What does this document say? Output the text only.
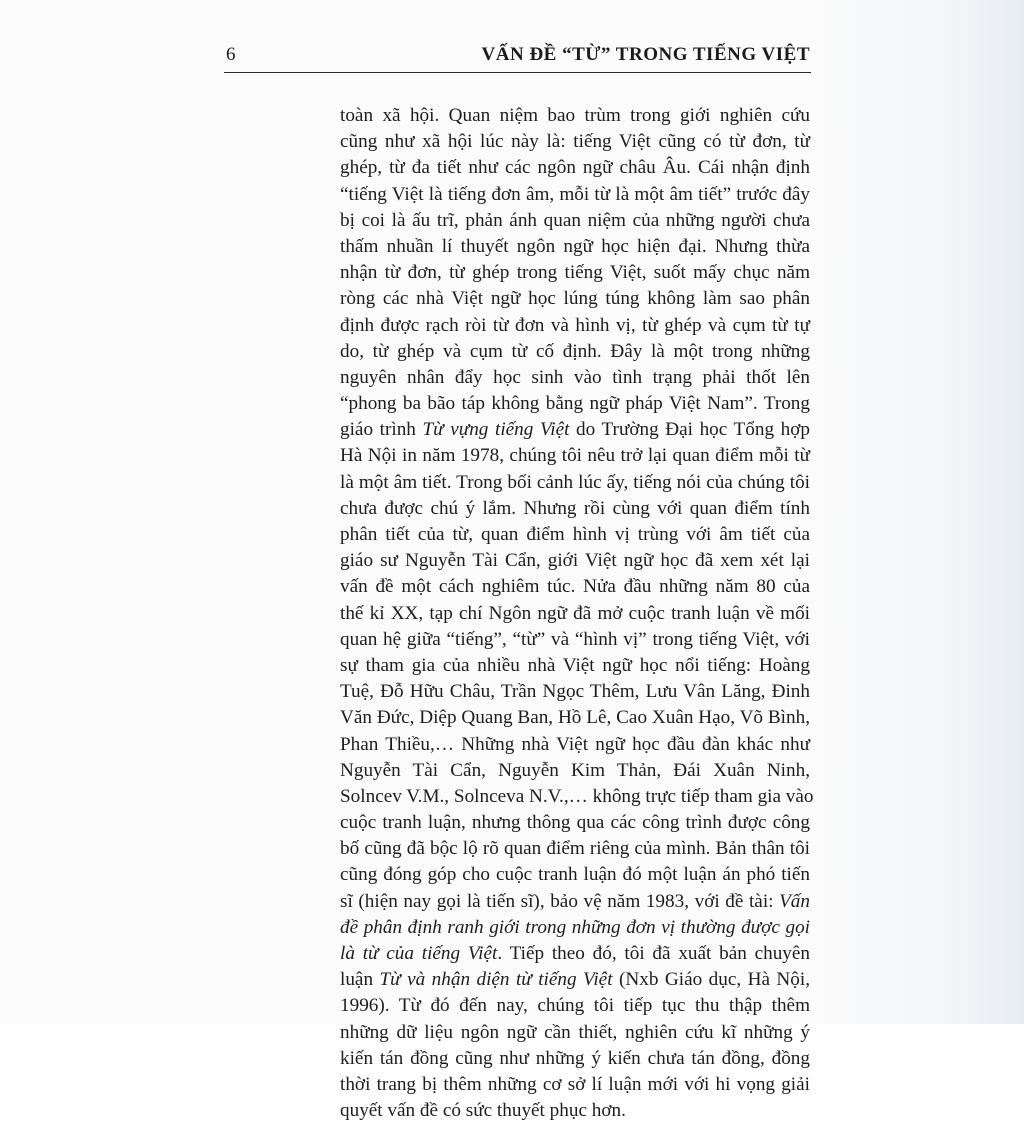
6	VẤN ĐỀ “TỪ” TRONG TIẾNG VIỆT
toàn xã hội. Quan niệm bao trùm trong giới nghiên cứu
cũng như xã hội lúc này là: tiếng Việt cũng có từ đơn, từ
ghép, từ đa tiết như các ngôn ngữ châu Âu. Cái nhận định
“tiếng Việt là tiếng đơn âm, mỗi từ là một âm tiết” trước đây
bị coi là ấu trĩ, phản ánh quan niệm của những người chưa
thấm nhuần lí thuyết ngôn ngữ học hiện đại. Nhưng thừa
nhận từ đơn, từ ghép trong tiếng Việt, suốt mấy chục năm
ròng các nhà Việt ngữ học lúng túng không làm sao phân
định được rạch ròi từ đơn và hình vị, từ ghép và cụm từ tự
do, từ ghép và cụm từ cố định. Đây là một trong những
nguyên nhân đẩy học sinh vào tình trạng phải thốt lên
“phong ba bão táp không bằng ngữ pháp Việt Nam”. Trong
giáo trình Từ vựng tiếng Việt do Trường Đại học Tổng hợp
Hà Nội in năm 1978, chúng tôi nêu trở lại quan điểm mỗi từ
là một âm tiết. Trong bối cảnh lúc ấy, tiếng nói của chúng tôi
chưa được chú ý lắm. Nhưng rồi cùng với quan điểm tính
phân tiết của từ, quan điểm hình vị trùng với âm tiết của
giáo sư Nguyễn Tài Cẩn, giới Việt ngữ học đã xem xét lại
vấn đề một cách nghiêm túc. Nửa đầu những năm 80 của
thế kỉ XX, tạp chí Ngôn ngữ đã mở cuộc tranh luận về mối
quan hệ giữa “tiếng”, “từ” và “hình vị” trong tiếng Việt, với
sự tham gia của nhiều nhà Việt ngữ học nổi tiếng: Hoàng
Tuệ, Đỗ Hữu Châu, Trần Ngọc Thêm, Lưu Vân Lăng, Đinh
Văn Đức, Diệp Quang Ban, Hồ Lê, Cao Xuân Hạo, Võ Bình,
Phan Thiều,… Những nhà Việt ngữ học đầu đàn khác như
Nguyễn Tài Cẩn, Nguyễn Kim Thản, Đái Xuân Ninh,
Solncev V.M., Solnceva N.V.,… không trực tiếp tham gia vào
cuộc tranh luận, nhưng thông qua các công trình được công
bố cũng đã bộc lộ rõ quan điểm riêng của mình. Bản thân tôi
cũng đóng góp cho cuộc tranh luận đó một luận án phó tiến
sĩ (hiện nay gọi là tiến sĩ), bảo vệ năm 1983, với đề tài: Vấn
đề phân định ranh giới trong những đơn vị thường được gọi
là từ của tiếng Việt. Tiếp theo đó, tôi đã xuất bản chuyên
luận Từ và nhận diện từ tiếng Việt (Nxb Giáo dục, Hà Nội,
1996). Từ đó đến nay, chúng tôi tiếp tục thu thập thêm
những dữ liệu ngôn ngữ cần thiết, nghiên cứu kĩ những ý
kiến tán đồng cũng như những ý kiến chưa tán đồng, đồng
thời trang bị thêm những cơ sở lí luận mới với hi vọng giải
quyết vấn đề có sức thuyết phục hơn.
